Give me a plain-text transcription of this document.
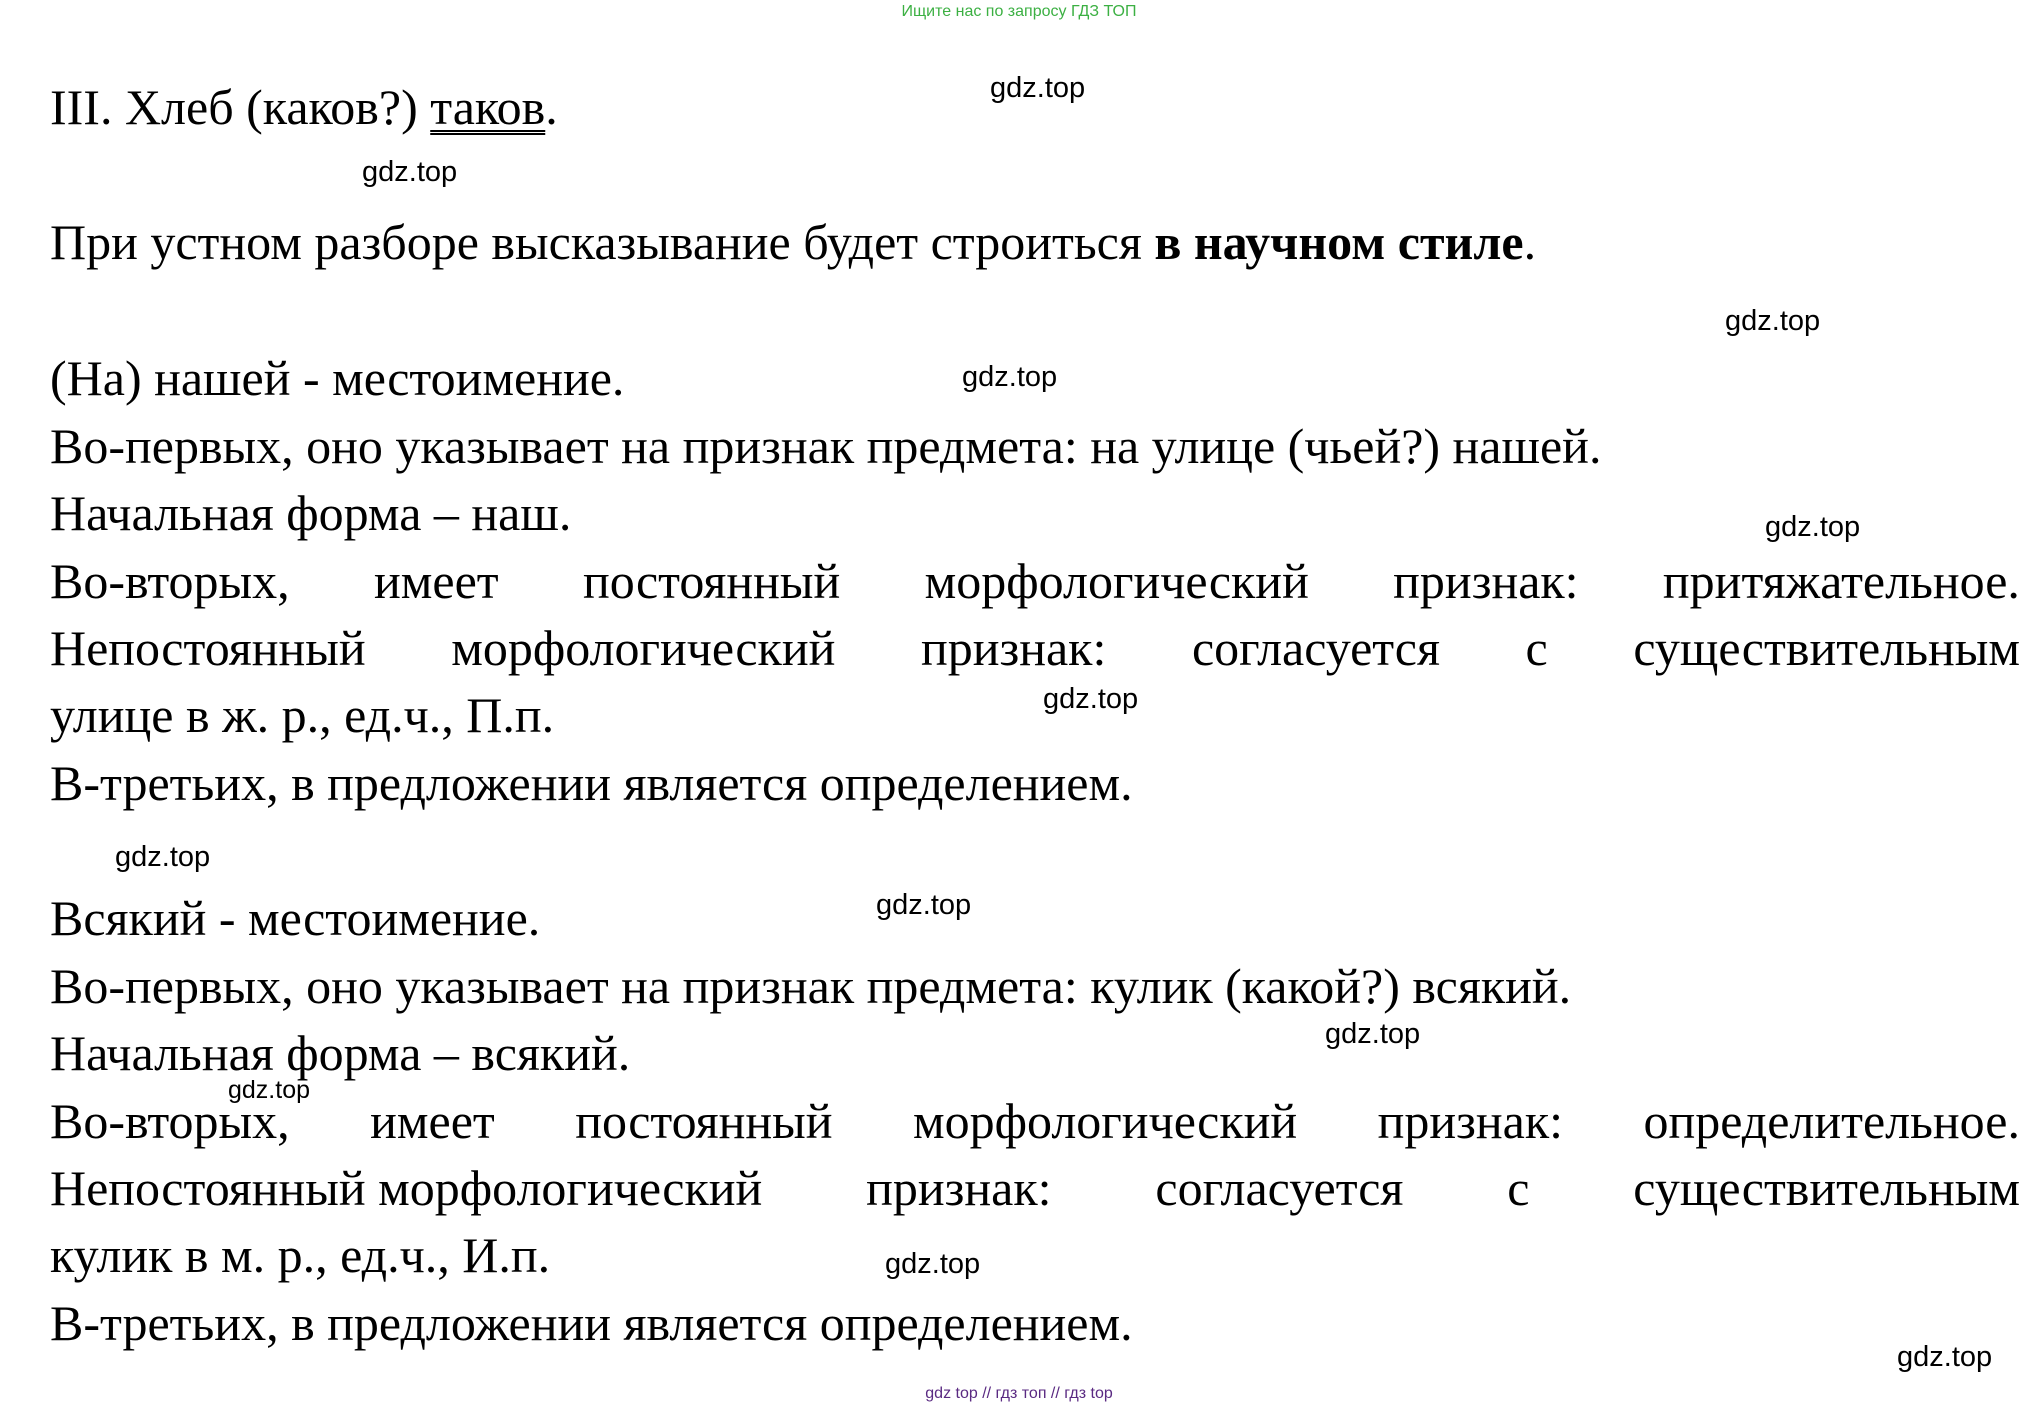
Ищите нас по запросу ГДЗ ТОП
III. Хлеб (каков?) таков.
При устном разборе высказывание будет строиться в научном стиле.
(На) нашей - местоимение.
Во-первых, оно указывает на признак предмета: на улице (чьей?) нашей.
Начальная форма – наш.
Во-вторых, имеет постоянный морфологический признак: притяжательное.
Непостоянный морфологический признак: согласуется с существительным
улице в ж. р., ед.ч., П.п.
В-третьих, в предложении является определением.
Всякий - местоимение.
Во-первых, оно указывает на признак предмета: кулик (какой?) всякий.
Начальная форма – всякий.
Во-вторых, имеет постоянный морфологический признак: определительное.
Непостоянный морфологический признак: согласуется с существительным
кулик в м. р., ед.ч., И.п.
В-третьих, в предложении является определением.
gdz.top
gdz.top
gdz.top
gdz.top
gdz.top
gdz.top
gdz.top
gdz.top
gdz.top
gdz.top
gdz.top
gdz.top
gdz top // гдз топ // гдз top
